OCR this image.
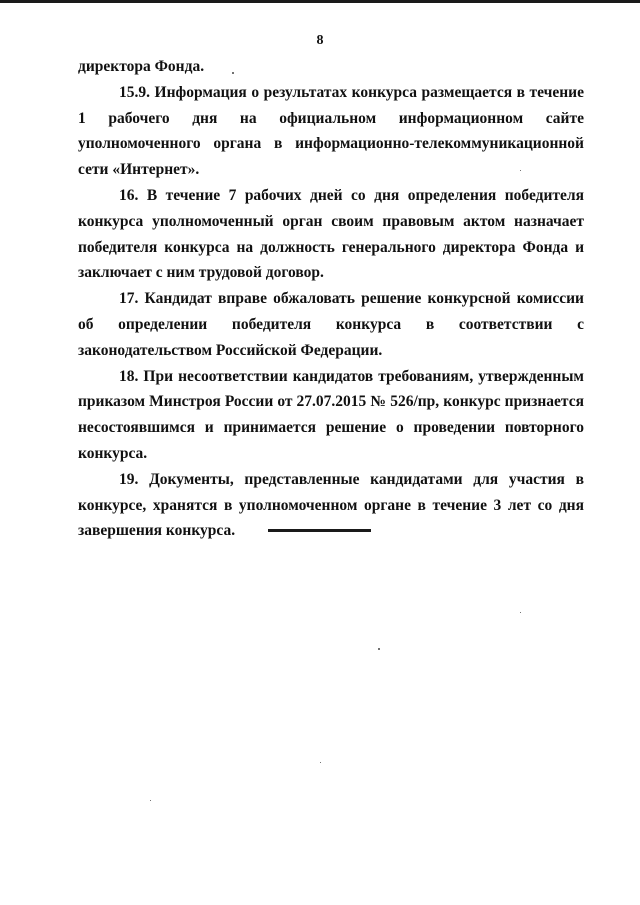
8

директора Фонда.

15.9. Информация о результатах конкурса размещается в течение 1 рабочего дня на официальном информационном сайте уполномоченного органа в информационно-телекоммуникационной сети «Интернет».

16. В течение 7 рабочих дней со дня определения победителя конкурса уполномоченный орган своим правовым актом назначает победителя конкурса на должность генерального директора Фонда и заключает с ним трудовой договор.

17. Кандидат вправе обжаловать решение конкурсной комиссии об определении победителя конкурса в соответствии с законодательством Российской Федерации.

18. При несоответствии кандидатов требованиям, утвержденным приказом Минстроя России от 27.07.2015 № 526/пр, конкурс признается несостоявшимся и принимается решение о проведении повторного конкурса.

19. Документы, представленные кандидатами для участия в конкурсе, хранятся в уполномоченном органе в течение 3 лет со дня завершения конкурса.
